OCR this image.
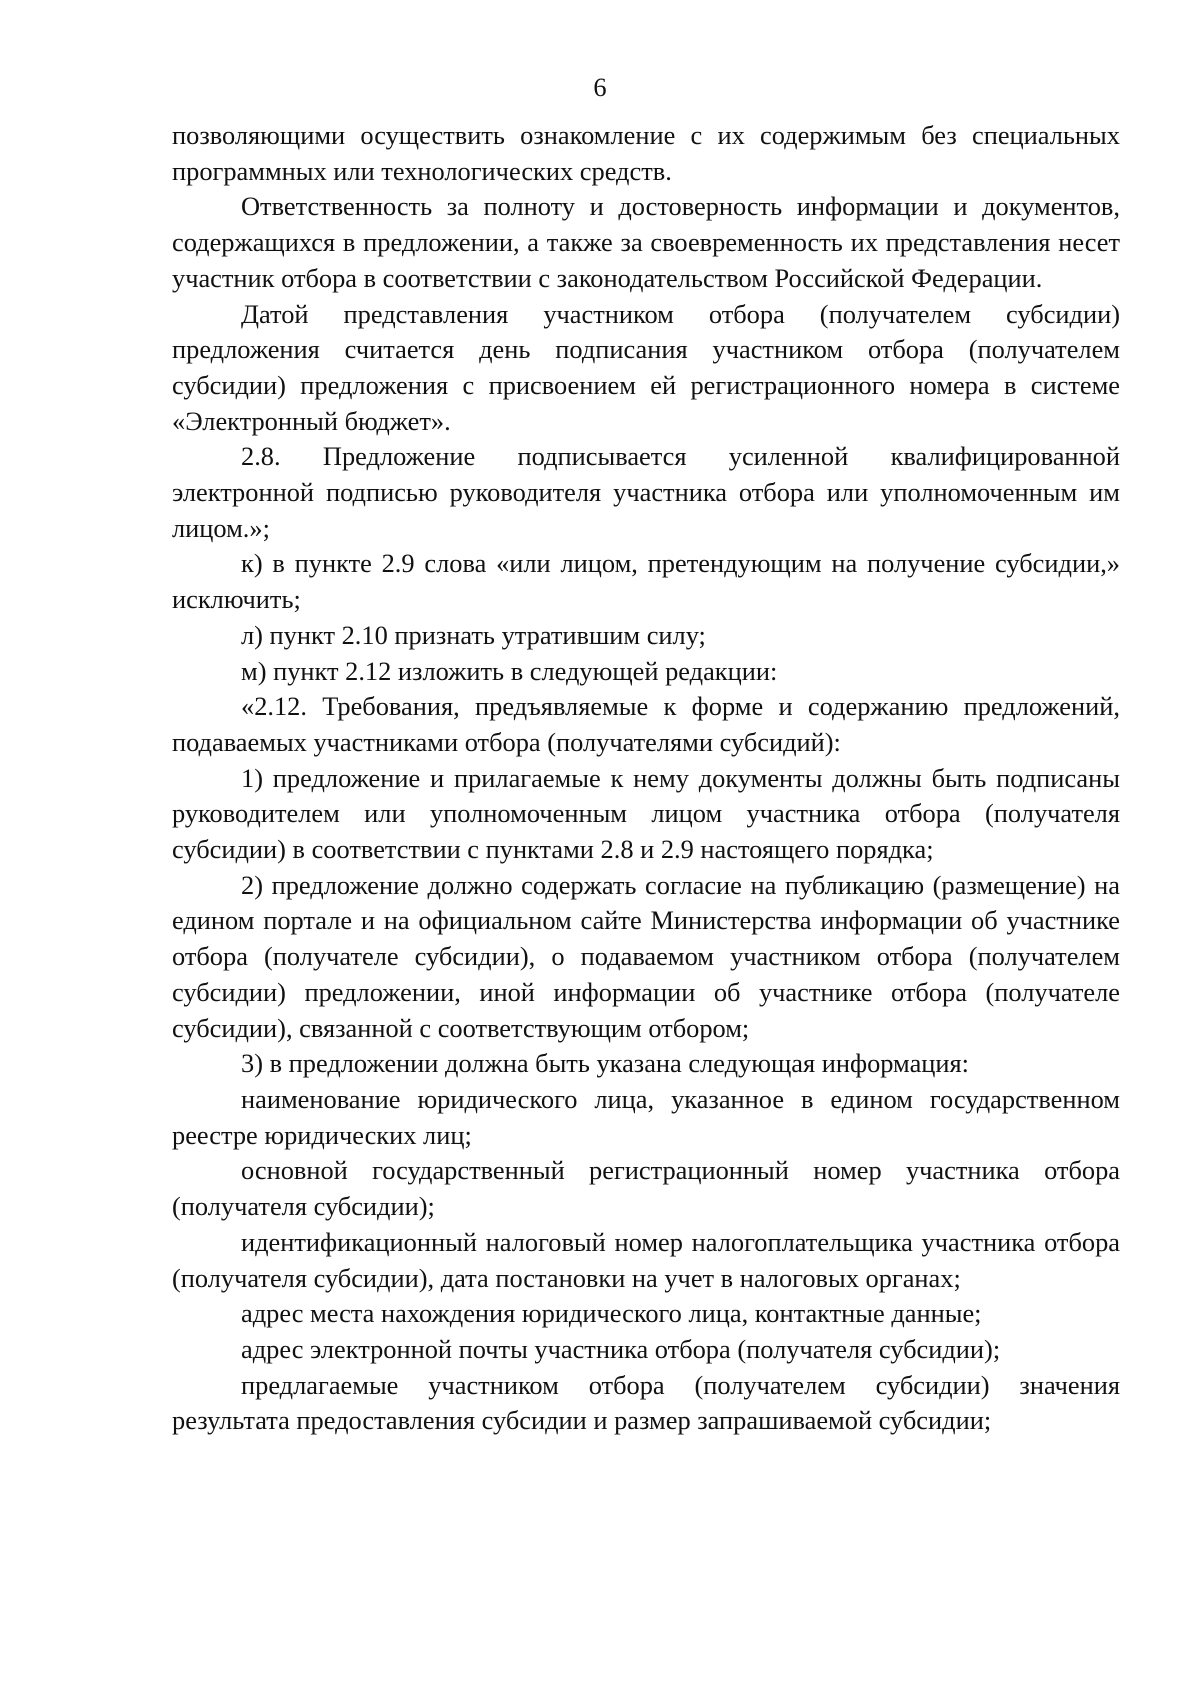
6

позволяющими осуществить ознакомление с их содержимым без специальных программных или технологических средств.

Ответственность за полноту и достоверность информации и документов, содержащихся в предложении, а также за своевременность их представления несет участник отбора в соответствии с законодательством Российской Федерации.

Датой представления участником отбора (получателем субсидии) предложения считается день подписания участником отбора (получателем субсидии) предложения с присвоением ей регистрационного номера в системе «Электронный бюджет».

2.8. Предложение подписывается усиленной квалифицированной электронной подписью руководителя участника отбора или уполномоченным им лицом.»;

к) в пункте 2.9 слова «или лицом, претендующим на получение субсидии,» исключить;

л) пункт 2.10 признать утратившим силу;

м) пункт 2.12 изложить в следующей редакции:

«2.12. Требования, предъявляемые к форме и содержанию предложений, подаваемых участниками отбора (получателями субсидий):

1) предложение и прилагаемые к нему документы должны быть подписаны руководителем или уполномоченным лицом участника отбора (получателя субсидии) в соответствии с пунктами 2.8 и 2.9 настоящего порядка;

2) предложение должно содержать согласие на публикацию (размещение) на едином портале и на официальном сайте Министерства информации об участнике отбора (получателе субсидии), о подаваемом участником отбора (получателем субсидии) предложении, иной информации об участнике отбора (получателе субсидии), связанной с соответствующим отбором;

3) в предложении должна быть указана следующая информация:

наименование юридического лица, указанное в едином государственном реестре юридических лиц;

основной государственный регистрационный номер участника отбора (получателя субсидии);

идентификационный налоговый номер налогоплательщика участника отбора (получателя субсидии), дата постановки на учет в налоговых органах;

адрес места нахождения юридического лица, контактные данные;

адрес электронной почты участника отбора (получателя субсидии);

предлагаемые участником отбора (получателем субсидии) значения результата предоставления субсидии и размер запрашиваемой субсидии;
